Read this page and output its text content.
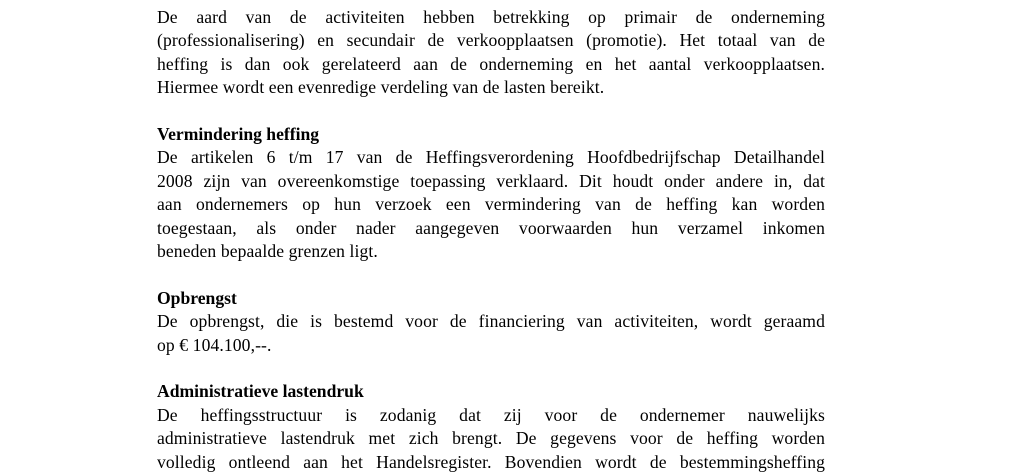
De aard van de activiteiten hebben betrekking op primair de onderneming
(professionalisering) en secundair de verkoopplaatsen (promotie). Het totaal van de
heffing is dan ook gerelateerd aan de onderneming en het aantal verkoopplaatsen.
Hiermee wordt een evenredige verdeling van de lasten bereikt.
Vermindering heffing
De artikelen 6 t/m 17 van de Heffingsverordening Hoofdbedrijfschap Detailhandel
2008 zijn van overeenkomstige toepassing verklaard. Dit houdt onder andere in, dat
aan ondernemers op hun verzoek een vermindering van de heffing kan worden
toegestaan, als onder nader aangegeven voorwaarden hun verzamel inkomen
beneden bepaalde grenzen ligt.
Opbrengst
De opbrengst, die is bestemd voor de financiering van activiteiten, wordt geraamd
op € 104.100,--.
Administratieve lastendruk
De heffingsstructuur is zodanig dat zij voor de ondernemer nauwelijks
administratieve lastendruk met zich brengt. De gegevens voor de heffing worden
volledig ontleend aan het Handelsregister. Bovendien wordt de bestemmingsheffing
